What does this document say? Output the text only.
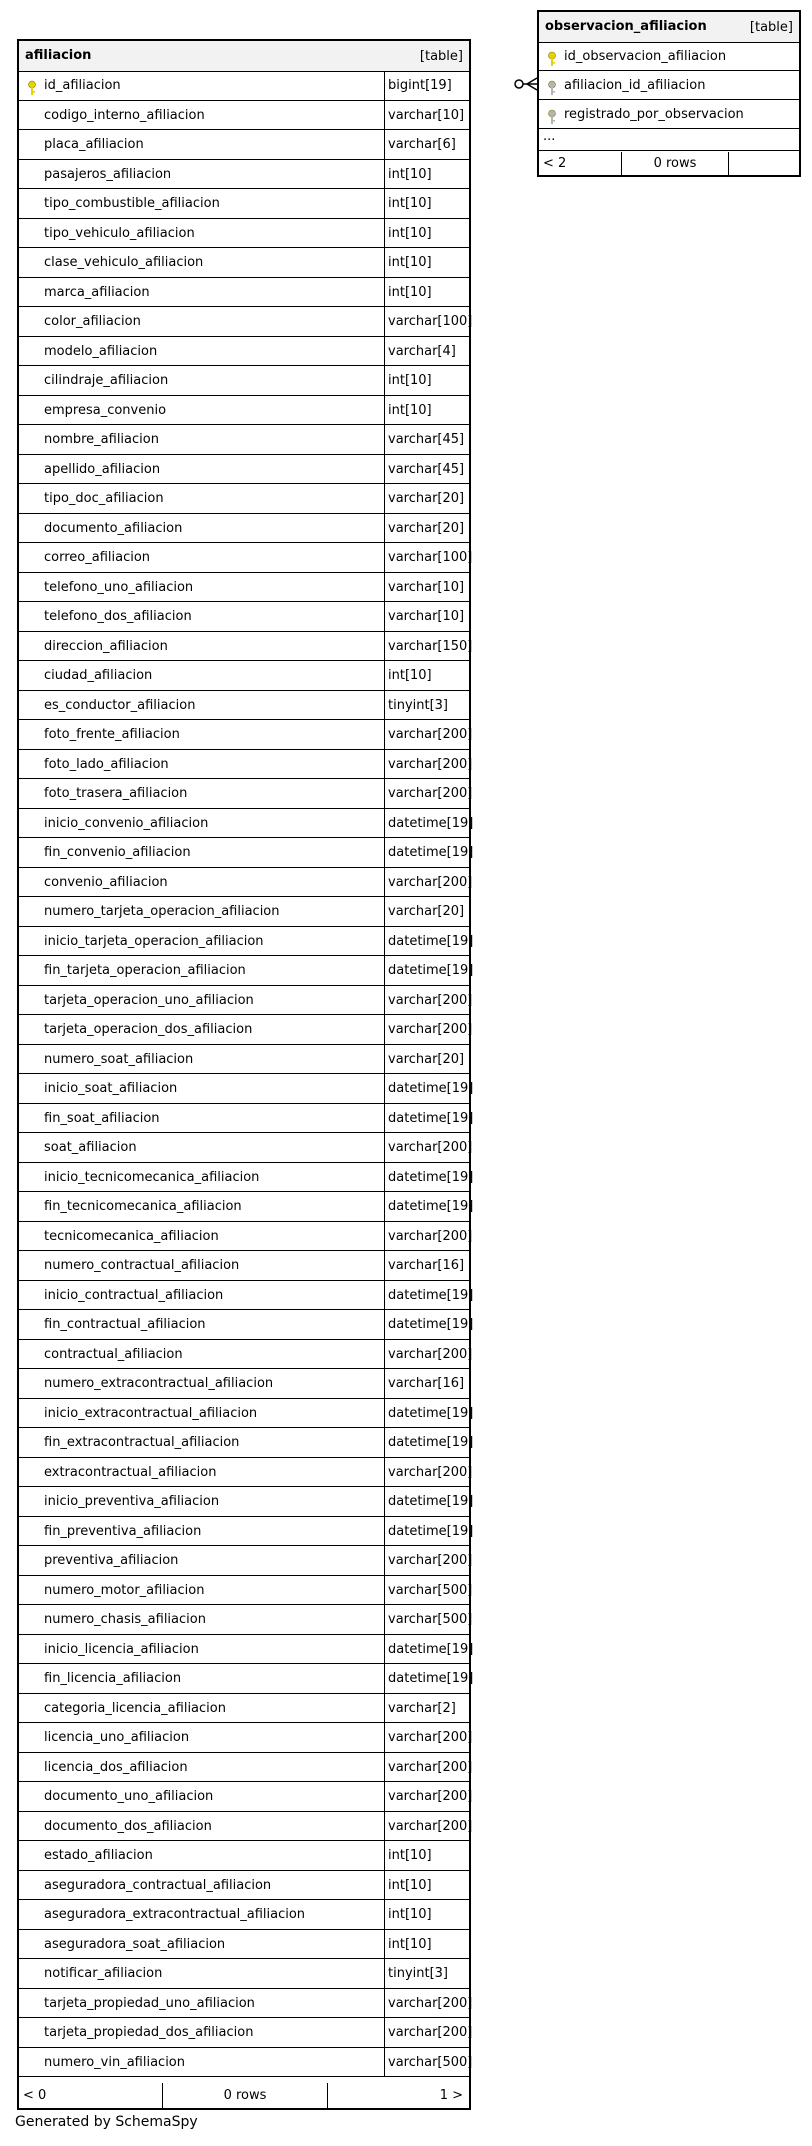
afiliacion	[table]
id_afiliacion	bigint[19]
codigo_interno_afiliacion	varchar[10]
placa_afiliacion	varchar[6]
pasajeros_afiliacion	int[10]
tipo_combustible_afiliacion	int[10]
tipo_vehiculo_afiliacion	int[10]
clase_vehiculo_afiliacion	int[10]
marca_afiliacion	int[10]
color_afiliacion	varchar[100]
modelo_afiliacion	varchar[4]
cilindraje_afiliacion	int[10]
empresa_convenio	int[10]
nombre_afiliacion	varchar[45]
apellido_afiliacion	varchar[45]
tipo_doc_afiliacion	varchar[20]
documento_afiliacion	varchar[20]
correo_afiliacion	varchar[100]
telefono_uno_afiliacion	varchar[10]
telefono_dos_afiliacion	varchar[10]
direccion_afiliacion	varchar[150]
ciudad_afiliacion	int[10]
es_conductor_afiliacion	tinyint[3]
foto_frente_afiliacion	varchar[200]
foto_lado_afiliacion	varchar[200]
foto_trasera_afiliacion	varchar[200]
inicio_convenio_afiliacion	datetime[19]
fin_convenio_afiliacion	datetime[19]
convenio_afiliacion	varchar[200]
numero_tarjeta_operacion_afiliacion	varchar[20]
inicio_tarjeta_operacion_afiliacion	datetime[19]
fin_tarjeta_operacion_afiliacion	datetime[19]
tarjeta_operacion_uno_afiliacion	varchar[200]
tarjeta_operacion_dos_afiliacion	varchar[200]
numero_soat_afiliacion	varchar[20]
inicio_soat_afiliacion	datetime[19]
fin_soat_afiliacion	datetime[19]
soat_afiliacion	varchar[200]
inicio_tecnicomecanica_afiliacion	datetime[19]
fin_tecnicomecanica_afiliacion	datetime[19]
tecnicomecanica_afiliacion	varchar[200]
numero_contractual_afiliacion	varchar[16]
inicio_contractual_afiliacion	datetime[19]
fin_contractual_afiliacion	datetime[19]
contractual_afiliacion	varchar[200]
numero_extracontractual_afiliacion	varchar[16]
inicio_extracontractual_afiliacion	datetime[19]
fin_extracontractual_afiliacion	datetime[19]
extracontractual_afiliacion	varchar[200]
inicio_preventiva_afiliacion	datetime[19]
fin_preventiva_afiliacion	datetime[19]
preventiva_afiliacion	varchar[200]
numero_motor_afiliacion	varchar[500]
numero_chasis_afiliacion	varchar[500]
inicio_licencia_afiliacion	datetime[19]
fin_licencia_afiliacion	datetime[19]
categoria_licencia_afiliacion	varchar[2]
licencia_uno_afiliacion	varchar[200]
licencia_dos_afiliacion	varchar[200]
documento_uno_afiliacion	varchar[200]
documento_dos_afiliacion	varchar[200]
estado_afiliacion	int[10]
aseguradora_contractual_afiliacion	int[10]
aseguradora_extracontractual_afiliacion	int[10]
aseguradora_soat_afiliacion	int[10]
notificar_afiliacion	tinyint[3]
tarjeta_propiedad_uno_afiliacion	varchar[200]
tarjeta_propiedad_dos_afiliacion	varchar[200]
numero_vin_afiliacion	varchar[500]
< 0	0 rows	1 >
observacion_afiliacion	[table]
id_observacion_afiliacion
afiliacion_id_afiliacion
registrado_por_observacion
...
< 2	0 rows
Generated by SchemaSpy
